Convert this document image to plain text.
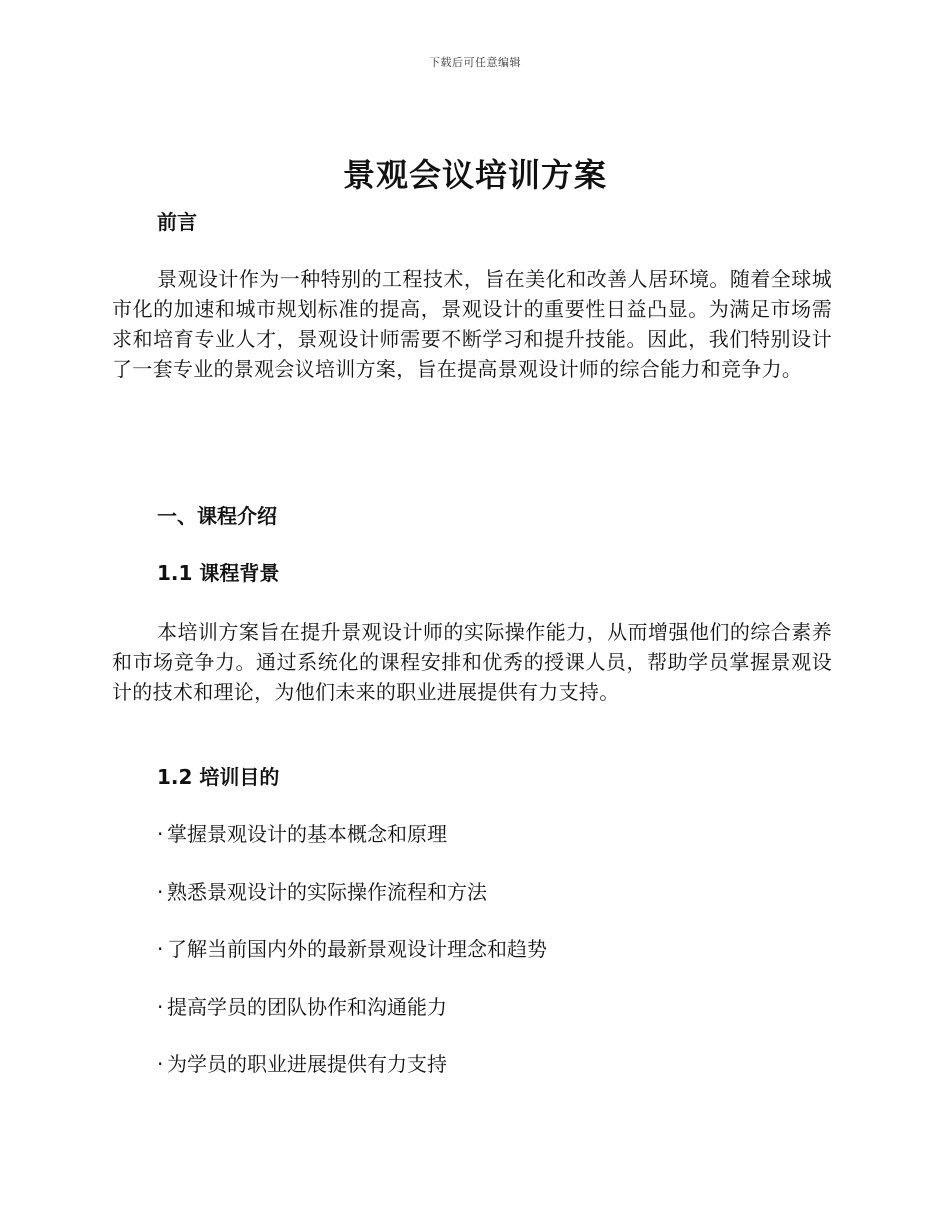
下载后可任意编辑
景观会议培训方案
前言
景观设计作为一种特别的工程技术，旨在美化和改善人居环境。随着全球城市化的加速和城市规划标准的提高，景观设计的重要性日益凸显。为满足市场需求和培育专业人才，景观设计师需要不断学习和提升技能。因此，我们特别设计了一套专业的景观会议培训方案，旨在提高景观设计师的综合能力和竞争力。
一、课程介绍
1.1 课程背景
本培训方案旨在提升景观设计师的实际操作能力，从而增强他们的综合素养和市场竞争力。通过系统化的课程安排和优秀的授课人员，帮助学员掌握景观设计的技术和理论，为他们未来的职业进展提供有力支持。
1.2 培训目的
· 掌握景观设计的基本概念和原理
· 熟悉景观设计的实际操作流程和方法
· 了解当前国内外的最新景观设计理念和趋势
· 提高学员的团队协作和沟通能力
· 为学员的职业进展提供有力支持
